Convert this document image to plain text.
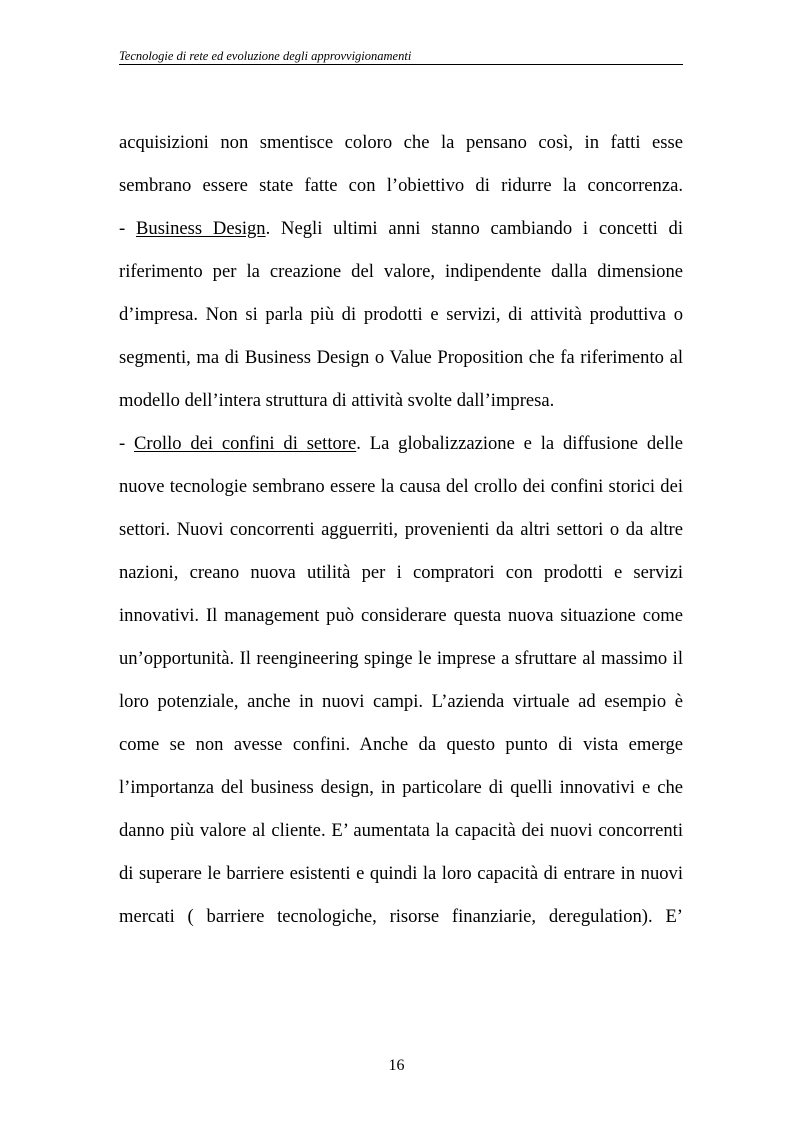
Tecnologie di rete ed evoluzione degli approvvigionamenti
acquisizioni non smentisce coloro che la pensano così, in fatti esse
sembrano essere state fatte con l’obiettivo di ridurre la concorrenza.
- Business Design. Negli ultimi anni stanno cambiando i concetti di
riferimento per la creazione del valore, indipendente dalla dimensione
d’impresa. Non si parla più di prodotti e servizi, di attività produttiva o
segmenti, ma di Business Design o Value Proposition che fa riferimento al
modello dell’intera struttura di attività svolte dall’impresa.
- Crollo dei confini di settore. La globalizzazione e la diffusione delle
nuove tecnologie sembrano essere la causa del crollo dei confini storici dei
settori. Nuovi concorrenti agguerriti, provenienti da altri settori o da altre
nazioni, creano nuova utilità per i compratori con prodotti e servizi
innovativi. Il management può considerare questa nuova situazione come
un’opportunità. Il reengineering spinge le imprese a sfruttare al massimo il
loro potenziale, anche in nuovi campi. L’azienda virtuale ad esempio è
come se non avesse confini. Anche da questo punto di vista emerge
l’importanza del business design, in particolare di quelli innovativi e che
danno più valore al cliente. E’ aumentata la capacità dei nuovi concorrenti
di superare le barriere esistenti e quindi la loro capacità di entrare in nuovi
mercati ( barriere tecnologiche, risorse finanziarie, deregulation). E’
16
